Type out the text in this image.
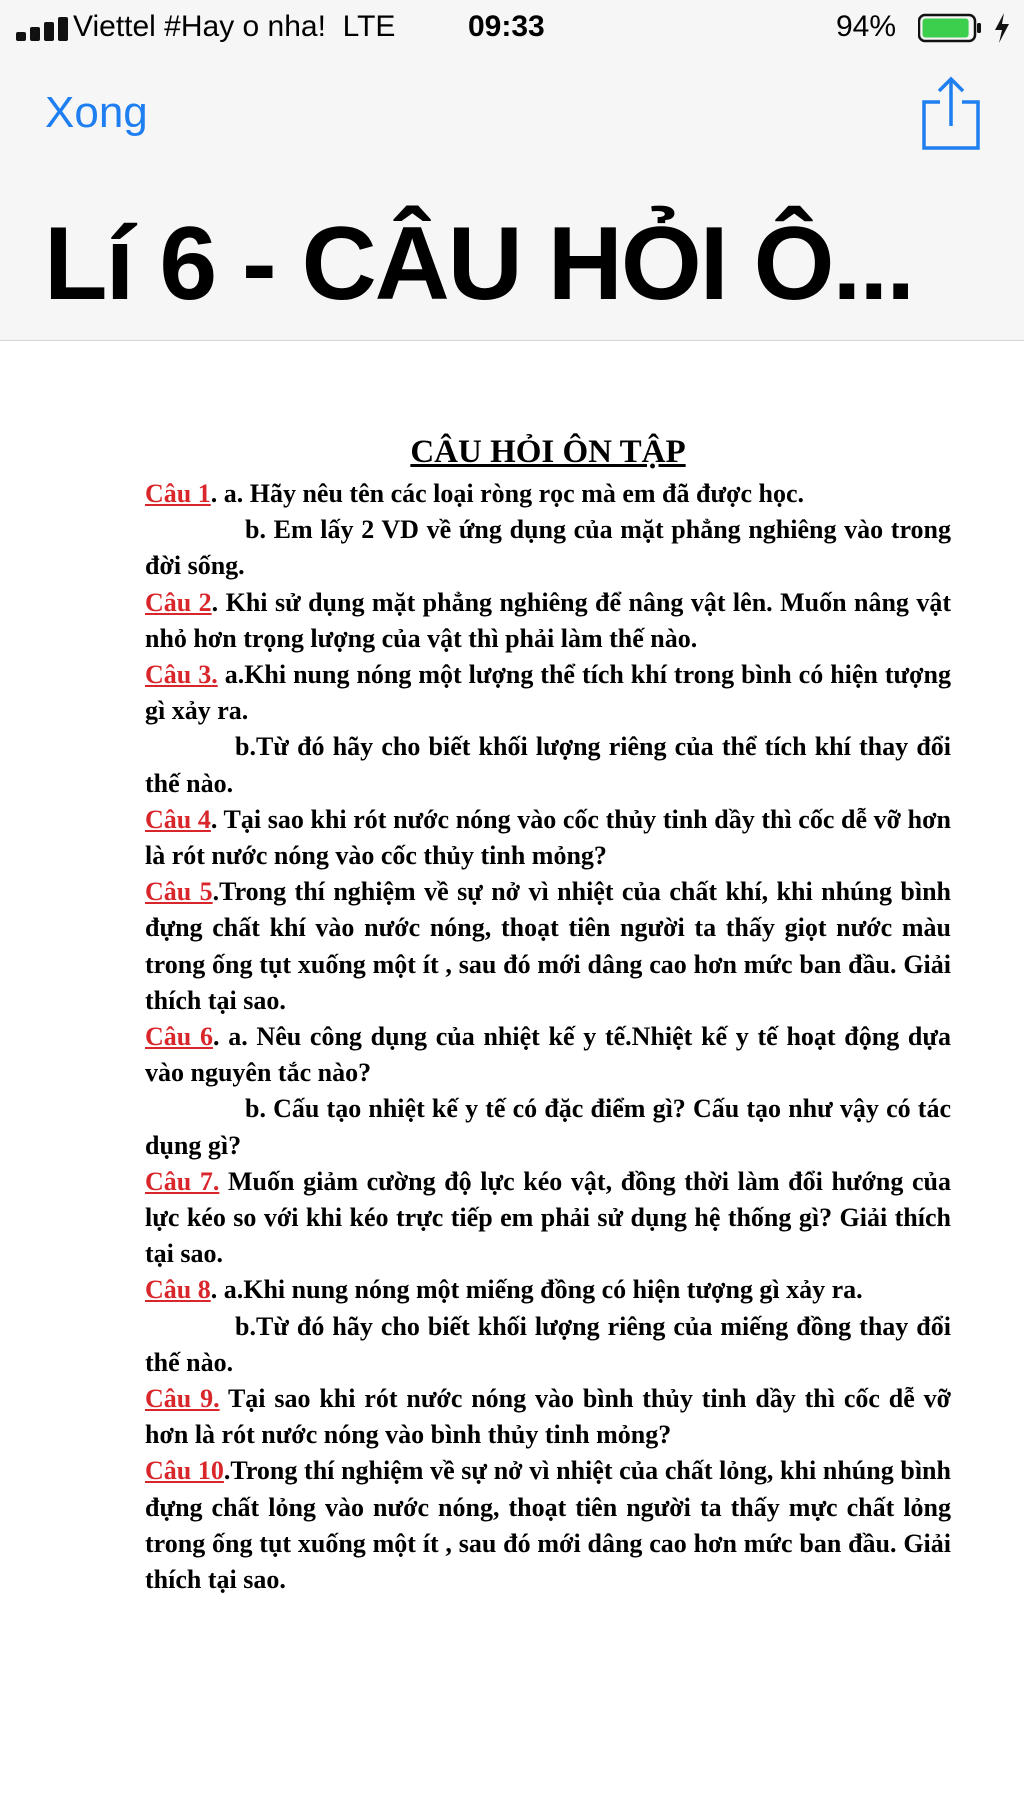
Viettel #Hay o nha! LTE 09:33	94%
Xong
Lí 6 - CÂU HỎI Ô...
CÂU HỎI ÔN TẬP

Câu 1. a. Hãy nêu tên các loại ròng rọc mà em đã được học.

b. Em lấy 2 VD về ứng dụng của mặt phẳng nghiêng vào trong đời sống.

Câu 2. Khi sử dụng mặt phẳng nghiêng để nâng vật lên. Muốn nâng vật nhỏ hơn trọng lượng của vật thì phải làm thế nào.

Câu 3. a.Khi nung nóng một lượng thể tích khí trong bình có hiện tượng gì xảy ra.

b.Từ đó hãy cho biết khối lượng riêng của thể tích khí thay đổi thế nào.

Câu 4. Tại sao khi rót nước nóng vào cốc thủy tinh dầy thì cốc dễ vỡ hơn là rót nước nóng vào cốc thủy tinh mỏng?

Câu 5.Trong thí nghiệm về sự nở vì nhiệt của chất khí, khi nhúng bình đựng chất khí vào nước nóng, thoạt tiên người ta thấy giọt nước màu trong ống tụt xuống một ít , sau đó mới dâng cao hơn mức ban đầu. Giải thích tại sao.

Câu 6. a. Nêu công dụng của nhiệt kế y tế.Nhiệt kế y tế hoạt động dựa vào nguyên tắc nào?

b. Cấu tạo nhiệt kế y tế có đặc điểm gì? Cấu tạo như vậy có tác dụng gì?

Câu 7. Muốn giảm cường độ lực kéo vật, đồng thời làm đổi hướng của lực kéo so với khi kéo trực tiếp em phải sử dụng hệ thống gì? Giải thích tại sao.

Câu 8. a.Khi nung nóng một miếng đồng có hiện tượng gì xảy ra.

b.Từ đó hãy cho biết khối lượng riêng của miếng đồng thay đổi thế nào.

Câu 9. Tại sao khi rót nước nóng vào bình thủy tinh dầy thì cốc dễ vỡ hơn là rót nước nóng vào bình thủy tinh mỏng?

Câu 10.Trong thí nghiệm về sự nở vì nhiệt của chất lỏng, khi nhúng bình đựng chất lỏng vào nước nóng, thoạt tiên người ta thấy mực chất lỏng trong ống tụt xuống một ít , sau đó mới dâng cao hơn mức ban đầu. Giải thích tại sao.
